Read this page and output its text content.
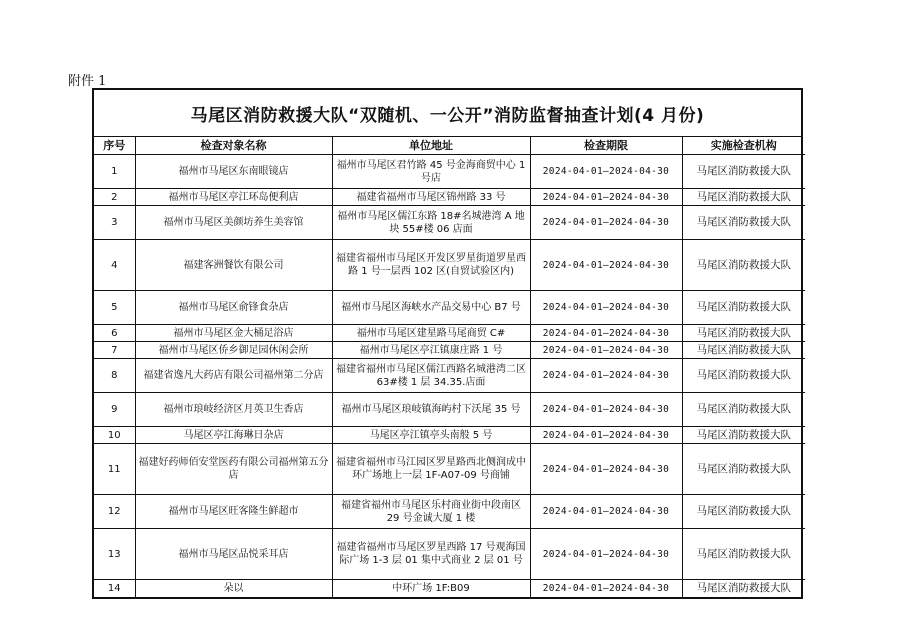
附件 1
马尾区消防救援大队“双随机、一公开”消防监督抽查计划(4 月份)
序号	检查对象名称	单位地址	检查期限	实施检查机构
1	福州市马尾区东南眼镜店	福州市马尾区君竹路 45 号金海商贸中心 1 号店	2024-04-01—2024-04-30	马尾区消防救援大队
2	福州市马尾区亭江环岛便利店	福建省福州市马尾区锦州路 33 号	2024-04-01—2024-04-30	马尾区消防救援大队
3	福州市马尾区美颜坊养生美容馆	福州市马尾区儒江东路 18#名城港湾 A 地块 55#楼 06 店面	2024-04-01—2024-04-30	马尾区消防救援大队
4	福建客洲餐饮有限公司	福建省福州市马尾区开发区罗星街道罗星西路 1 号一层西 102 区(自贸试验区内)	2024-04-01—2024-04-30	马尾区消防救援大队
5	福州市马尾区俞锋食杂店	福州市马尾区海峡水产品交易中心 B7 号	2024-04-01—2024-04-30	马尾区消防救援大队
6	福州市马尾区金大桶足浴店	福州市马尾区建星路马尾商贸 C#	2024-04-01—2024-04-30	马尾区消防救援大队
7	福州市马尾区侨乡御足园休闲会所	福州市马尾区亭江镇康庄路 1 号	2024-04-01—2024-04-30	马尾区消防救援大队
8	福建省逸凡大药店有限公司福州第二分店	福建省福州市马尾区儒江西路名城港湾二区 63#楼 1 层 34.35.店面	2024-04-01—2024-04-30	马尾区消防救援大队
9	福州市琅岐经济区月英卫生香店	福州市马尾区琅岐镇海屿村下沃尾 35 号	2024-04-01—2024-04-30	马尾区消防救援大队
10	马尾区亭江海琳日杂店	马尾区亭江镇亭头南般 5 号	2024-04-01—2024-04-30	马尾区消防救援大队
11	福建好药师佰安堂医药有限公司福州第五分店	福建省福州市马江园区罗星路西北侧润成中环广场地上一层 1F-A07-09 号商铺	2024-04-01—2024-04-30	马尾区消防救援大队
12	福州市马尾区旺客隆生鲜超市	福建省福州市马尾区乐村商业街中段南区 29 号金诚大厦 1 楼	2024-04-01—2024-04-30	马尾区消防救援大队
13	福州市马尾区品悦采耳店	福建省福州市马尾区罗星西路 17 号观海国际广场 1-3 层 01 集中式商业 2 层 01 号	2024-04-01—2024-04-30	马尾区消防救援大队
14	朵以	中环广场 1F:B09	2024-04-01—2024-04-30	马尾区消防救援大队
